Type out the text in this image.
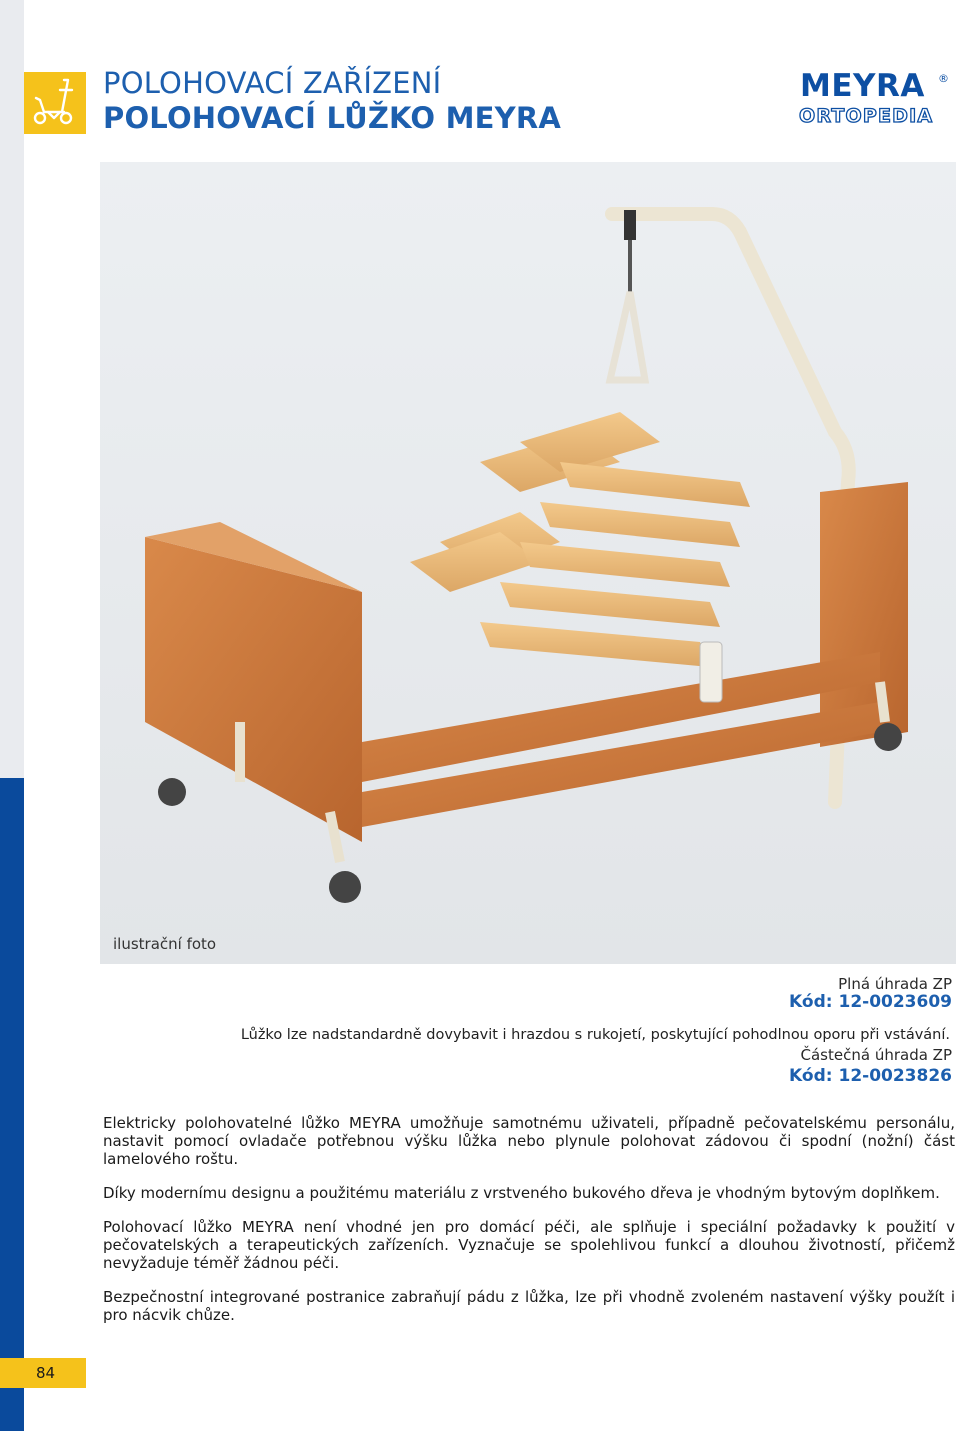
POLOHOVACÍ ZAŘÍZENÍ
POLOHOVACÍ LŮŽKO MEYRA
MEYRA ®
ORTOPEDIA
ilustrační foto
Plná úhrada ZP
Kód: 12-0023609
Lůžko lze nadstandardně dovybavit i hrazdou s rukojetí, poskytující pohodlnou oporu při vstávání.
Částečná úhrada ZP
Kód: 12-0023826

Elektricky polohovatelné lůžko MEYRA umožňuje samotnému uživateli, případně pečovatelskému personálu, nastavit pomocí ovladače potřebnou výšku lůžka nebo plynule polohovat zádovou či spodní (nožní) část lamelového roštu.

Díky modernímu designu a použitému materiálu z vrstveného bukového dřeva je vhodným bytovým doplňkem.

Polohovací lůžko MEYRA není vhodné jen pro domácí péči, ale splňuje i speciální požadavky k použití v pečovatelských a terapeutických zařízeních. Vyznačuje se spolehlivou funkcí a dlouhou životností, přičemž nevyžaduje téměř žádnou péči.

Bezpečnostní integrované postranice zabraňují pádu z lůžka, lze při vhodně zvoleném nastavení výšky použít i pro nácvik chůze.

84
